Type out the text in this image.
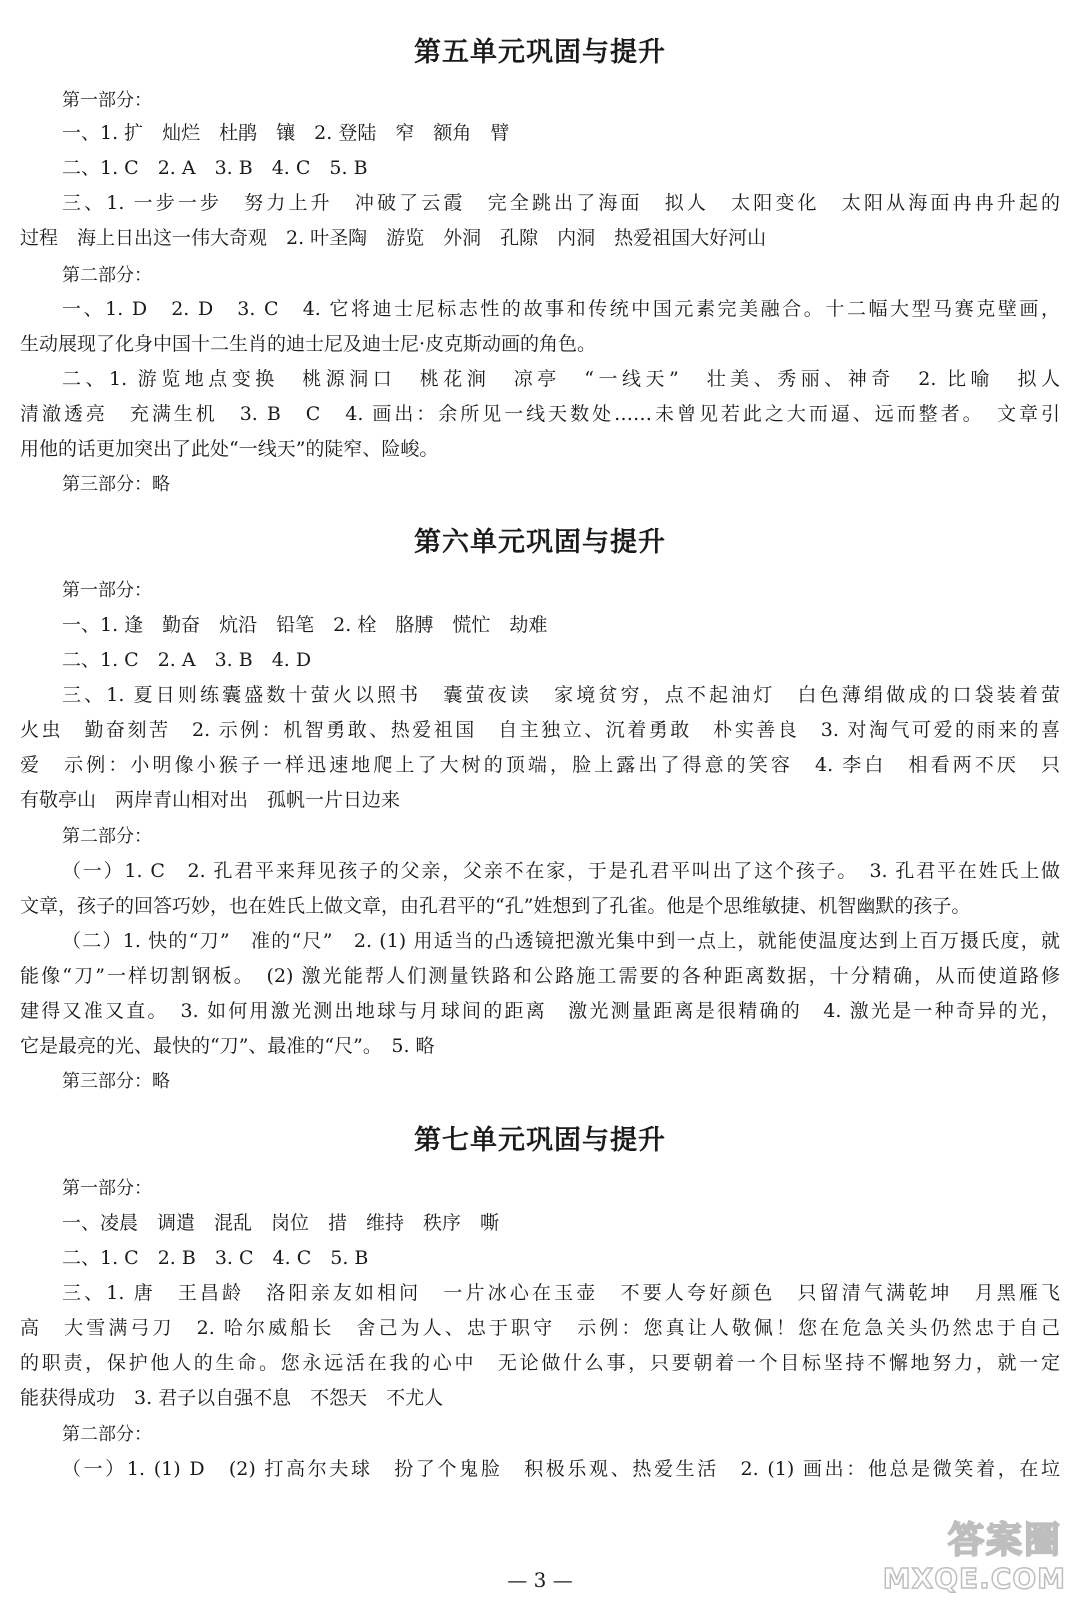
第五单元巩固与提升

第一部分：

一、1. 扩　灿烂　杜鹃　镶　2. 登陆　窄　额角　臂

二、1. C　2. A　3. B　4. C　5. B

三、1. 一步一步　努力上升　冲破了云霞　完全跳出了海面　拟人　太阳变化　太阳从海面冉冉升起的

过程　海上日出这一伟大奇观　2. 叶圣陶　游览　外洞　孔隙　内洞　热爱祖国大好河山

第二部分：

一、1. D　2. D　3. C　4. 它将迪士尼标志性的故事和传统中国元素完美融合。十二幅大型马赛克壁画，

生动展现了化身中国十二生肖的迪士尼及迪士尼·皮克斯动画的角色。

二、1. 游览地点变换　桃源洞口　桃花涧　凉亭　“一线天”　壮美、秀丽、神奇　2. 比喻　拟人

清澈透亮　充满生机　3. B　C　4. 画出：余所见一线天数处……未曾见若此之大而逼、远而整者。　文章引

用他的话更加突出了此处“一线天”的陡窄、险峻。

第三部分：略

第六单元巩固与提升

第一部分：

一、1. 逢　勤奋　炕沿　铅笔　2. 栓　胳膊　慌忙　劫难

二、1. C　2. A　3. B　4. D

三、1. 夏日则练囊盛数十萤火以照书　囊萤夜读　家境贫穷，点不起油灯　白色薄绢做成的口袋装着萤

火虫　勤奋刻苦　2. 示例：机智勇敢、热爱祖国　自主独立、沉着勇敢　朴实善良　3. 对淘气可爱的雨来的喜

爱　示例：小明像小猴子一样迅速地爬上了大树的顶端，脸上露出了得意的笑容　4. 李白　相看两不厌　只

有敬亭山　两岸青山相对出　孤帆一片日边来

第二部分：

（一）1. C　2. 孔君平来拜见孩子的父亲，父亲不在家，于是孔君平叫出了这个孩子。　3. 孔君平在姓氏上做

文章，孩子的回答巧妙，也在姓氏上做文章，由孔君平的“孔”姓想到了孔雀。他是个思维敏捷、机智幽默的孩子。

（二）1. 快的“刀”　准的“尺”　2. (1) 用适当的凸透镜把激光集中到一点上，就能使温度达到上百万摄氏度，就

能像“刀”一样切割钢板。　(2) 激光能帮人们测量铁路和公路施工需要的各种距离数据，十分精确，从而使道路修

建得又准又直。　3. 如何用激光测出地球与月球间的距离　激光测量距离是很精确的　4. 激光是一种奇异的光，

它是最亮的光、最快的“刀”、最准的“尺”。　5. 略

第三部分：略

第七单元巩固与提升

第一部分：

一、凌晨　调遣　混乱　岗位　措　维持　秩序　嘶

二、1. C　2. B　3. C　4. C　5. B

三、1. 唐　王昌龄　洛阳亲友如相问　一片冰心在玉壶　不要人夸好颜色　只留清气满乾坤　月黑雁飞

高　大雪满弓刀　2. 哈尔威船长　舍己为人、忠于职守　示例：您真让人敬佩！您在危急关头仍然忠于自己

的职责，保护他人的生命。您永远活在我的心中　无论做什么事，只要朝着一个目标坚持不懈地努力，就一定

能获得成功　3. 君子以自强不息　不怨天　不尤人

第二部分：

（一）1. (1) D　(2) 打高尔夫球　扮了个鬼脸　积极乐观、热爱生活　2. (1) 画出：他总是微笑着，在垃

— 3 —
答案圈
MXQE.COM
